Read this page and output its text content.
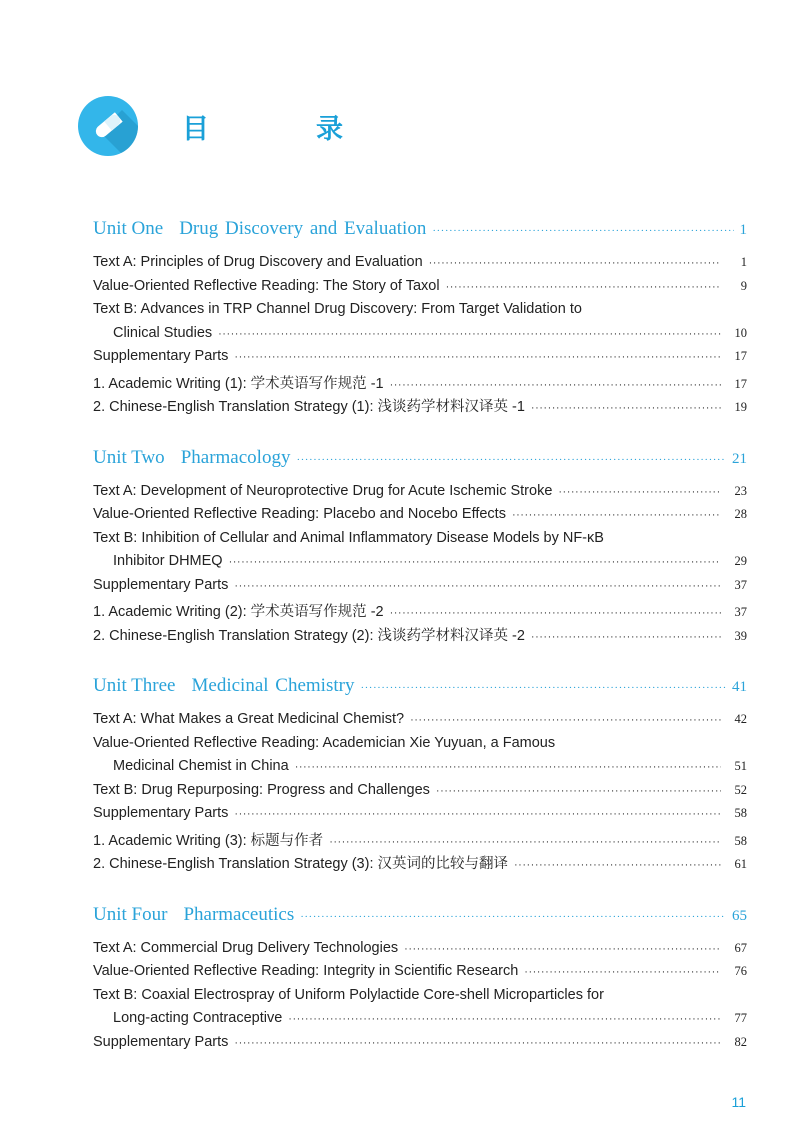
目　录
Unit One Drug Discovery and Evaluation ·····	1
Text A: Principles of Drug Discovery and Evaluation ·····	1
Value-Oriented Reflective Reading: The Story of Taxol ·····	9
Text B: Advances in TRP Channel Drug Discovery: From Target Validation to
Clinical Studies ·····	10
Supplementary Parts ·····	17
1. Academic Writing (1): 学术英语写作规范 -1 ·····	17
2. Chinese-English Translation Strategy (1): 浅谈药学材料汉译英 -1 ·····	19
Unit Two Pharmacology ·····	21
Text A: Development of Neuroprotective Drug for Acute Ischemic Stroke ·····	23
Value-Oriented Reflective Reading: Placebo and Nocebo Effects ·····	28
Text B: Inhibition of Cellular and Animal Inflammatory Disease Models by NF-κB
Inhibitor DHMEQ ·····	29
Supplementary Parts ·····	37
1. Academic Writing (2): 学术英语写作规范 -2 ·····	37
2. Chinese-English Translation Strategy (2): 浅谈药学材料汉译英 -2 ·····	39
Unit Three Medicinal Chemistry ·····	41
Text A: What Makes a Great Medicinal Chemist? ·····	42
Value-Oriented Reflective Reading: Academician Xie Yuyuan, a Famous
Medicinal Chemist in China ·····	51
Text B: Drug Repurposing: Progress and Challenges ·····	52
Supplementary Parts ·····	58
1. Academic Writing (3): 标题与作者 ·····	58
2. Chinese-English Translation Strategy (3): 汉英词的比较与翻译 ·····	61
Unit Four Pharmaceutics ·····	65
Text A: Commercial Drug Delivery Technologies ·····	67
Value-Oriented Reflective Reading: Integrity in Scientific Research ·····	76
Text B: Coaxial Electrospray of Uniform Polylactide Core-shell Microparticles for
Long-acting Contraceptive ·····	77
Supplementary Parts ·····	82
11
